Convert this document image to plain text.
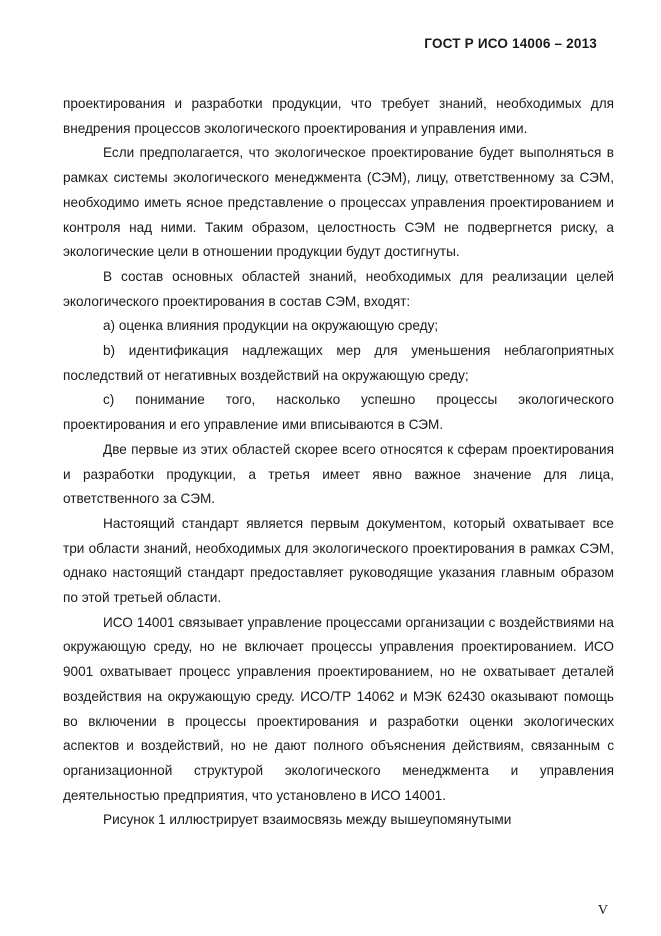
ГОСТ Р ИСО 14006 – 2013

проектирования и разработки продукции, что требует знаний, необходимых для внедрения процессов экологического проектирования и управления ими.

Если предполагается, что экологическое проектирование будет выполняться в рамках системы экологического менеджмента (СЭМ), лицу, ответственному за СЭМ, необходимо иметь ясное представление о процессах управления проектированием и контроля над ними. Таким образом, целостность СЭМ не подвергнется риску, а экологические цели в отношении продукции будут достигнуты.

В состав основных областей знаний, необходимых для реализации целей экологического проектирования в состав СЭМ, входят:

a) оценка влияния продукции на окружающую среду;

b) идентификация надлежащих мер для уменьшения неблагоприятных последствий от негативных воздействий на окружающую среду;

c) понимание того, насколько успешно процессы экологического проектирования и его управление ими вписываются в СЭМ.

Две первые из этих областей скорее всего относятся к сферам проектирования и разработки продукции, а третья имеет явно важное значение для лица, ответственного за СЭМ.

Настоящий стандарт является первым документом, который охватывает все три области знаний, необходимых для экологического проектирования в рамках СЭМ, однако настоящий стандарт предоставляет руководящие указания главным образом по этой третьей области.

ИСО 14001 связывает управление процессами организации с воздействиями на окружающую среду, но не включает процессы управления проектированием. ИСО 9001 охватывает процесс управления проектированием, но не охватывает деталей воздействия на окружающую среду. ИСО/ТР 14062 и МЭК 62430 оказывают помощь во включении в процессы проектирования и разработки оценки экологических аспектов и воздействий, но не дают полного объяснения действиям, связанным с организационной структурой экологического менеджмента и управления деятельностью предприятия, что установлено в ИСО 14001.

Рисунок 1 иллюстрирует взаимосвязь между вышеупомянутыми

V
